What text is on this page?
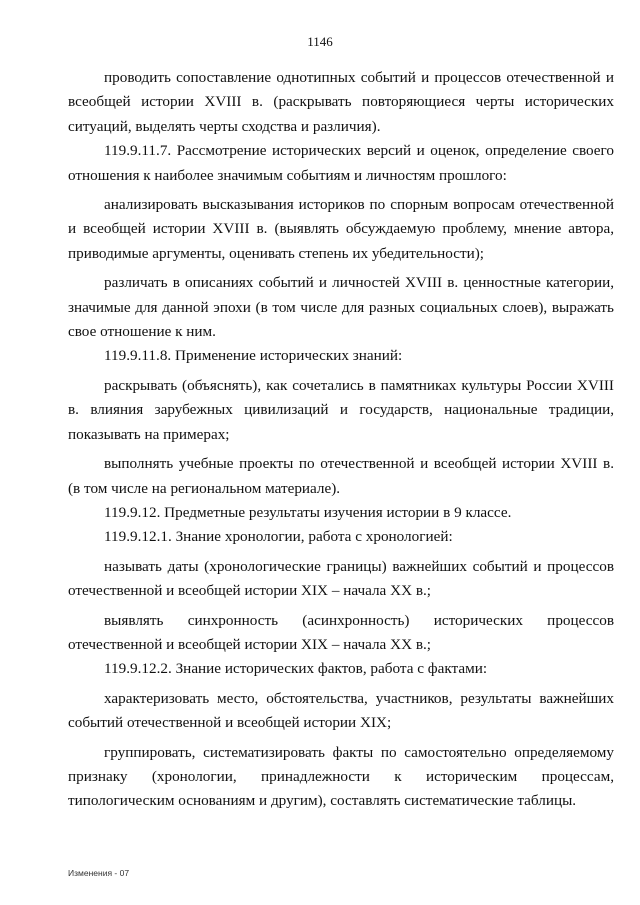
1146

проводить сопоставление однотипных событий и процессов отечественной и всеобщей истории XVIII в. (раскрывать повторяющиеся черты исторических ситуаций, выделять черты сходства и различия).

119.9.11.7. Рассмотрение исторических версий и оценок, определение своего отношения к наиболее значимым событиям и личностям прошлого:

анализировать высказывания историков по спорным вопросам отечественной и всеобщей истории XVIII в. (выявлять обсуждаемую проблему, мнение автора, приводимые аргументы, оценивать степень их убедительности);

различать в описаниях событий и личностей XVIII в. ценностные категории, значимые для данной эпохи (в том числе для разных социальных слоев), выражать свое отношение к ним.

119.9.11.8. Применение исторических знаний:

раскрывать (объяснять), как сочетались в памятниках культуры России XVIII в. влияния зарубежных цивилизаций и государств, национальные традиции, показывать на примерах;

выполнять учебные проекты по отечественной и всеобщей истории XVIII в. (в том числе на региональном материале).

119.9.12. Предметные результаты изучения истории в 9 классе.

119.9.12.1. Знание хронологии, работа с хронологией:

называть даты (хронологические границы) важнейших событий и процессов отечественной и всеобщей истории XIX – начала XX в.;

выявлять синхронность (асинхронность) исторических процессов отечественной и всеобщей истории XIX – начала XX в.;

119.9.12.2. Знание исторических фактов, работа с фактами:

характеризовать место, обстоятельства, участников, результаты важнейших событий отечественной и всеобщей истории XIX;

группировать, систематизировать факты по самостоятельно определяемому признаку (хронологии, принадлежности к историческим процессам, типологическим основаниям и другим), составлять систематические таблицы.

Изменения - 07
